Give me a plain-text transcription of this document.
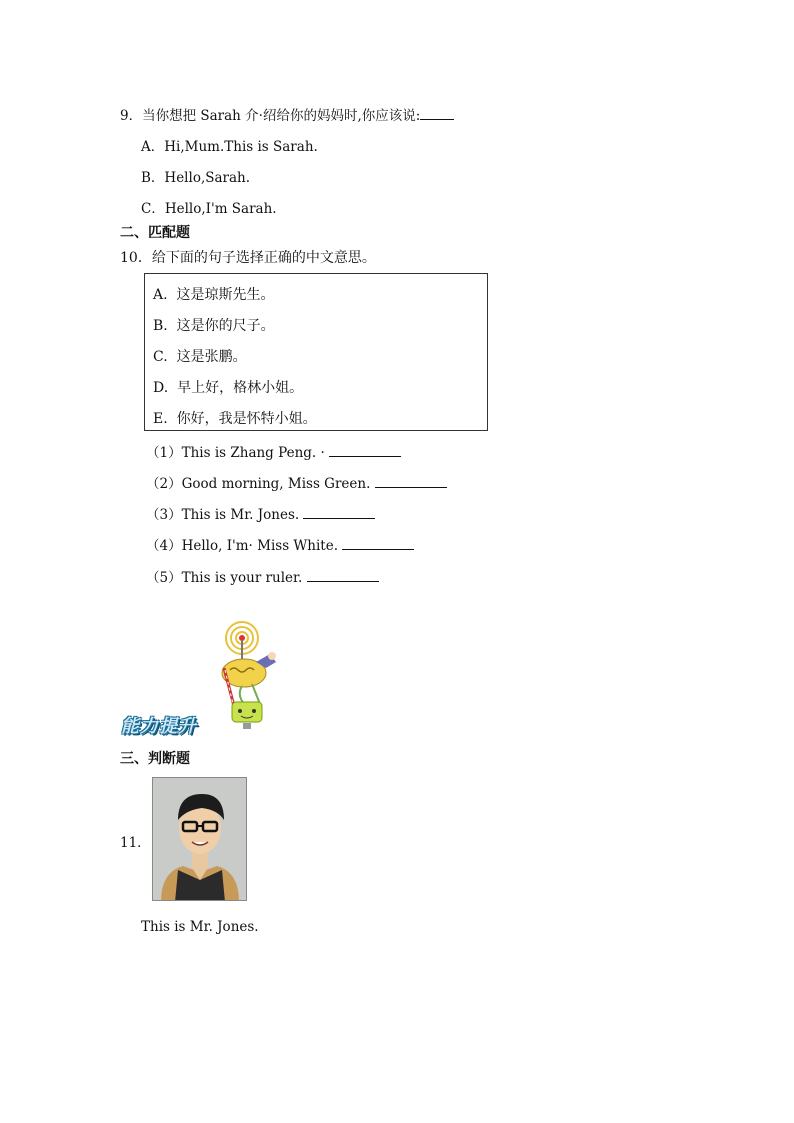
9．当你想把 Sarah 介·绍给你的妈妈时,你应该说:
A．Hi,Mum.This is Sarah.
B．Hello,Sarah.
C．Hello,I'm Sarah.
二、匹配题
10．给下面的句子选择正确的中文意思。
A. 这是琼斯先生。
B. 这是你的尺子。
C. 这是张鹏。
D. 早上好，格林小姐。
E. 你好，我是怀特小姐。
（1）This is Zhang Peng. ·
（2）Good morning, Miss Green.
（3）This is Mr. Jones.
（4）Hello, I'm· Miss White.
（5）This is your ruler.
能力提升
三、判断题
11．
This is Mr. Jones.
